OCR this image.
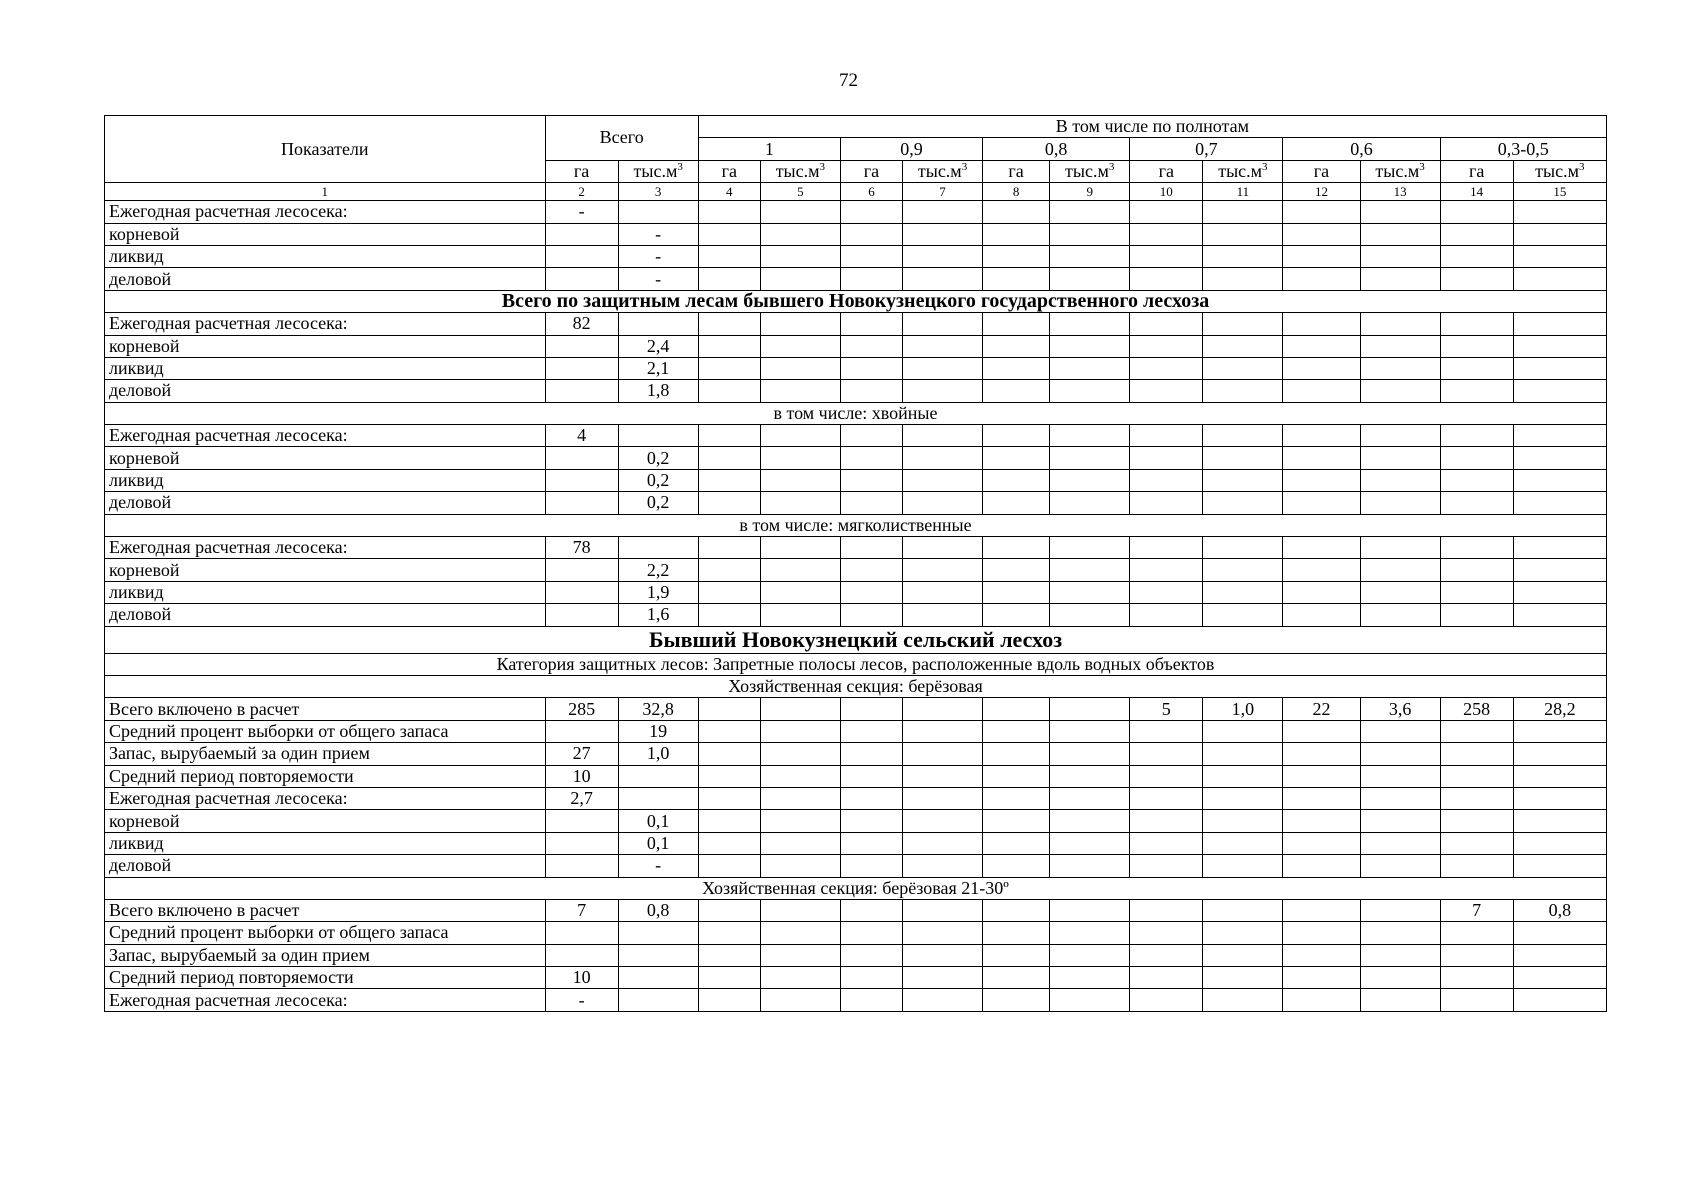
72
Показатели	Всего		В том числе по полнотам											
			1		0,9		0,8		0,7		0,6		0,3-0,5	
	га	$тыс.м^3$	га	$тыс.м^3$	га	$тыс.м^3$	га	$тыс.м^3$	га	$тыс.м^3$	га	$тыс.м^3$	га	$тыс.м^3$
1	2	3	4	5	6	7	8	9	10	11	12	13	14	15
Ежегодная расчетная лесосека:	-													
корневой		-												
ликвид		-												
деловой		-												
Всего по защитным лесам бывшего Новокузнецкого государственного лесхоза														
Ежегодная расчетная лесосека:	82													
корневой		2,4												
ликвид		2,1												
деловой		1,8												
в том числе: хвойные														
Ежегодная расчетная лесосека:	4													
корневой		0,2												
ликвид		0,2												
деловой		0,2												
в том числе: мягколиственные														
Ежегодная расчетная лесосека:	78													
корневой		2,2												
ликвид		1,9												
деловой		1,6												
Бывший Новокузнецкий сельский лесхоз														
Категория защитных лесов: Запретные полосы лесов, расположенные вдоль водных объектов														
Хозяйственная секция: берёзовая														
Всего включено в расчет	285	32,8							5	1,0	22	3,6	258	28,2
Средний процент выборки от общего запаса		19												
Запас, вырубаемый за один прием	27	1,0												
Средний период повторяемости	10													
Ежегодная расчетная лесосека:	2,7													
корневой		0,1												
ликвид		0,1												
деловой		-												
Хозяйственная секция: берёзовая 21-30º														
Всего включено в расчет	7	0,8											7	0,8
Средний процент выборки от общего запаса														
Запас, вырубаемый за один прием														
Средний период повторяемости	10													
Ежегодная расчетная лесосека:	-													
